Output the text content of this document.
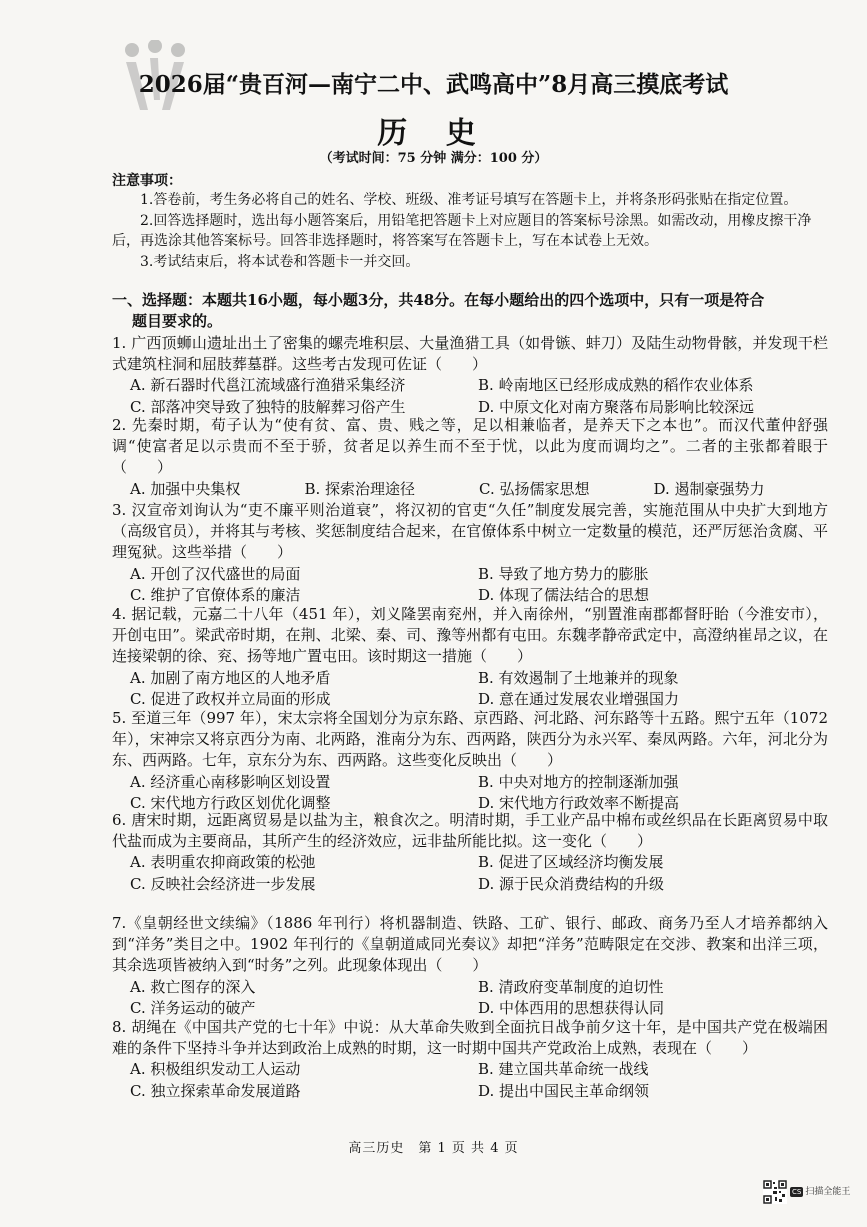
2026届“贵百河—南宁二中、武鸣高中”8月高三摸底考试
历 史
（考试时间：75 分钟 满分：100 分）
注意事项：

1.答卷前，考生务必将自己的姓名、学校、班级、准考证号填写在答题卡上，并将条形码张贴在指定位置。

2.回答选择题时，选出每小题答案后，用铅笔把答题卡上对应题目的答案标号涂黑。如需改动，用橡皮擦干净后，再选涂其他答案标号。回答非选择题时，将答案写在答题卡上，写在本试卷上无效。

3.考试结束后，将本试卷和答题卡一并交回。

一、选择题：本题共16小题，每小题3分，共48分。在每小题给出的四个选项中，只有一项是符合
题目要求的。

1. 广西顶蛳山遗址出土了密集的螺壳堆积层、大量渔猎工具（如骨镞、蚌刀）及陆生动物骨骸，并发现干栏式建筑柱洞和屈肢葬墓群。这些考古发现可佐证（　　）

A. 新石器时代邕江流域盛行渔猎采集经济	B. 岭南地区已经形成成熟的稻作农业体系
C. 部落冲突导致了独特的肢解葬习俗产生	D. 中原文化对南方聚落布局影响比较深远

2. 先秦时期，荀子认为“使有贫、富、贵、贱之等，足以相兼临者，是养天下之本也”。而汉代董仲舒强调“使富者足以示贵而不至于骄，贫者足以养生而不至于忧，以此为度而调均之”。二者的主张都着眼于（　　）

A. 加强中央集权	B. 探索治理途径	C. 弘扬儒家思想	D. 遏制豪强势力

3. 汉宣帝刘询认为“吏不廉平则治道衰”，将汉初的官吏“久任”制度发展完善，实施范围从中央扩大到地方（高级官员），并将其与考核、奖惩制度结合起来，在官僚体系中树立一定数量的模范，还严厉惩治贪腐、平理冤狱。这些举措（　　）

A. 开创了汉代盛世的局面	B. 导致了地方势力的膨胀
C. 维护了官僚体系的廉洁	D. 体现了儒法结合的思想

4. 据记载，元嘉二十八年（451 年），刘义隆罢南兖州，并入南徐州，“别置淮南郡都督盱眙（今淮安市），开创屯田”。梁武帝时期，在荆、北梁、秦、司、豫等州都有屯田。东魏孝静帝武定中，高澄纳崔昂之议，在连接梁朝的徐、兖、扬等地广置屯田。该时期这一措施（　　）

A. 加剧了南方地区的人地矛盾	B. 有效遏制了土地兼并的现象
C. 促进了政权并立局面的形成	D. 意在通过发展农业增强国力

5. 至道三年（997 年），宋太宗将全国划分为京东路、京西路、河北路、河东路等十五路。熙宁五年（1072 年），宋神宗又将京西分为南、北两路，淮南分为东、西两路，陕西分为永兴军、秦凤两路。六年，河北分为东、西两路。七年，京东分为东、西两路。这些变化反映出（　　）

A. 经济重心南移影响区划设置	B. 中央对地方的控制逐渐加强
C. 宋代地方行政区划优化调整	D. 宋代地方行政效率不断提高

6. 唐宋时期，远距离贸易是以盐为主，粮食次之。明清时期，手工业产品中棉布或丝织品在长距离贸易中取代盐而成为主要商品，其所产生的经济效应，远非盐所能比拟。这一变化（　　）

A. 表明重农抑商政策的松弛	B. 促进了区域经济均衡发展
C. 反映社会经济进一步发展	D. 源于民众消费结构的升级

7.《皇朝经世文续编》（1886 年刊行）将机器制造、铁路、工矿、银行、邮政、商务乃至人才培养都纳入到“洋务”类目之中。1902 年刊行的《皇朝道咸同光奏议》却把“洋务”范畴限定在交涉、教案和出洋三项，其余选项皆被纳入到“时务”之列。此现象体现出（　　）

A. 救亡图存的深入	B. 清政府变革制度的迫切性
C. 洋务运动的破产	D. 中体西用的思想获得认同

8. 胡绳在《中国共产党的七十年》中说：从大革命失败到全面抗日战争前夕这十年，是中国共产党在极端困难的条件下坚持斗争并达到政治上成熟的时期，这一时期中国共产党政治上成熟，表现在（　　）

A. 积极组织发动工人运动	B. 建立国共革命统一战线
C. 独立探索革命发展道路	D. 提出中国民主革命纲领
高三历史　第 1 页 共 4 页
CS 扫描全能王
